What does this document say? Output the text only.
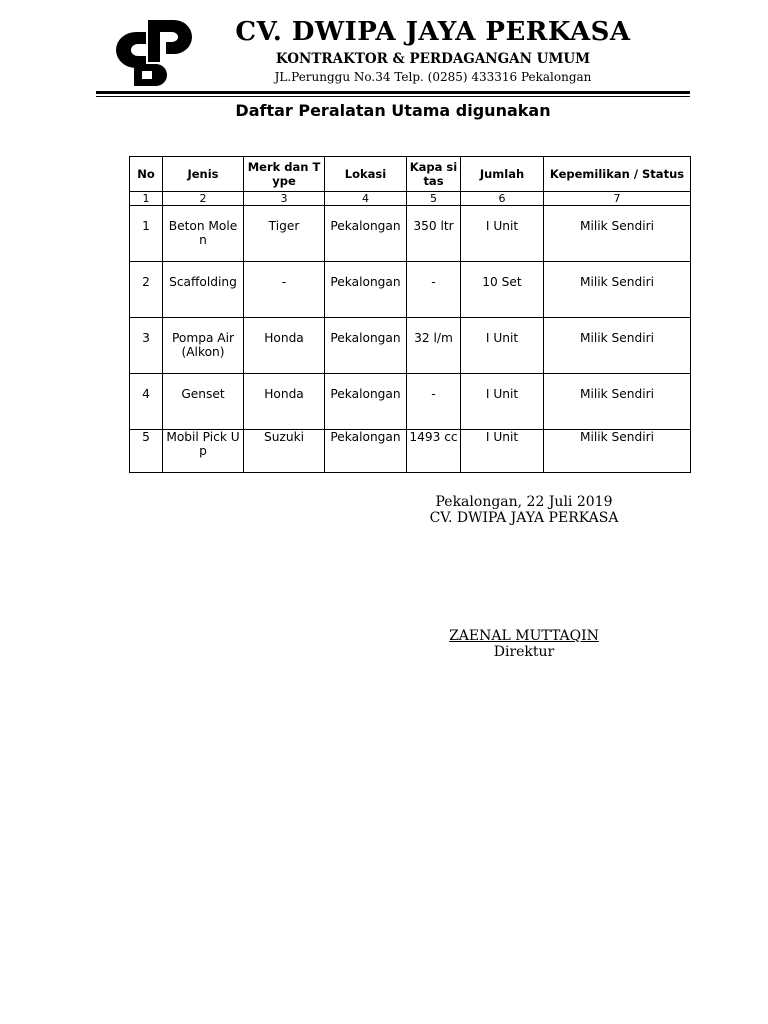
CV. DWIPA JAYA PERKASA
KONTRAKTOR & PERDAGANGAN UMUM
JL.Perunggu No.34 Telp. (0285) 433316 Pekalongan
Daftar Peralatan Utama digunakan
No	Jenis	Merk dan Type	Lokasi	Kapa sitas	Jumlah	Kepemilikan / Status
1	2	3	4	5	6	7
1	Beton Molen	Tiger	Pekalongan	350 ltr	I Unit	Milik Sendiri
2	Scaffolding	-	Pekalongan	-	10 Set	Milik Sendiri
3	Pompa Air (Alkon)	Honda	Pekalongan	32 l/m	I Unit	Milik Sendiri
4	Genset	Honda	Pekalongan	-	I Unit	Milik Sendiri
5	Mobil Pick Up	Suzuki	Pekalongan	1493 cc	I Unit	Milik Sendiri
Pekalongan, 22 Juli 2019
CV. DWIPA JAYA PERKASA
ZAENAL MUTTAQIN
Direktur
